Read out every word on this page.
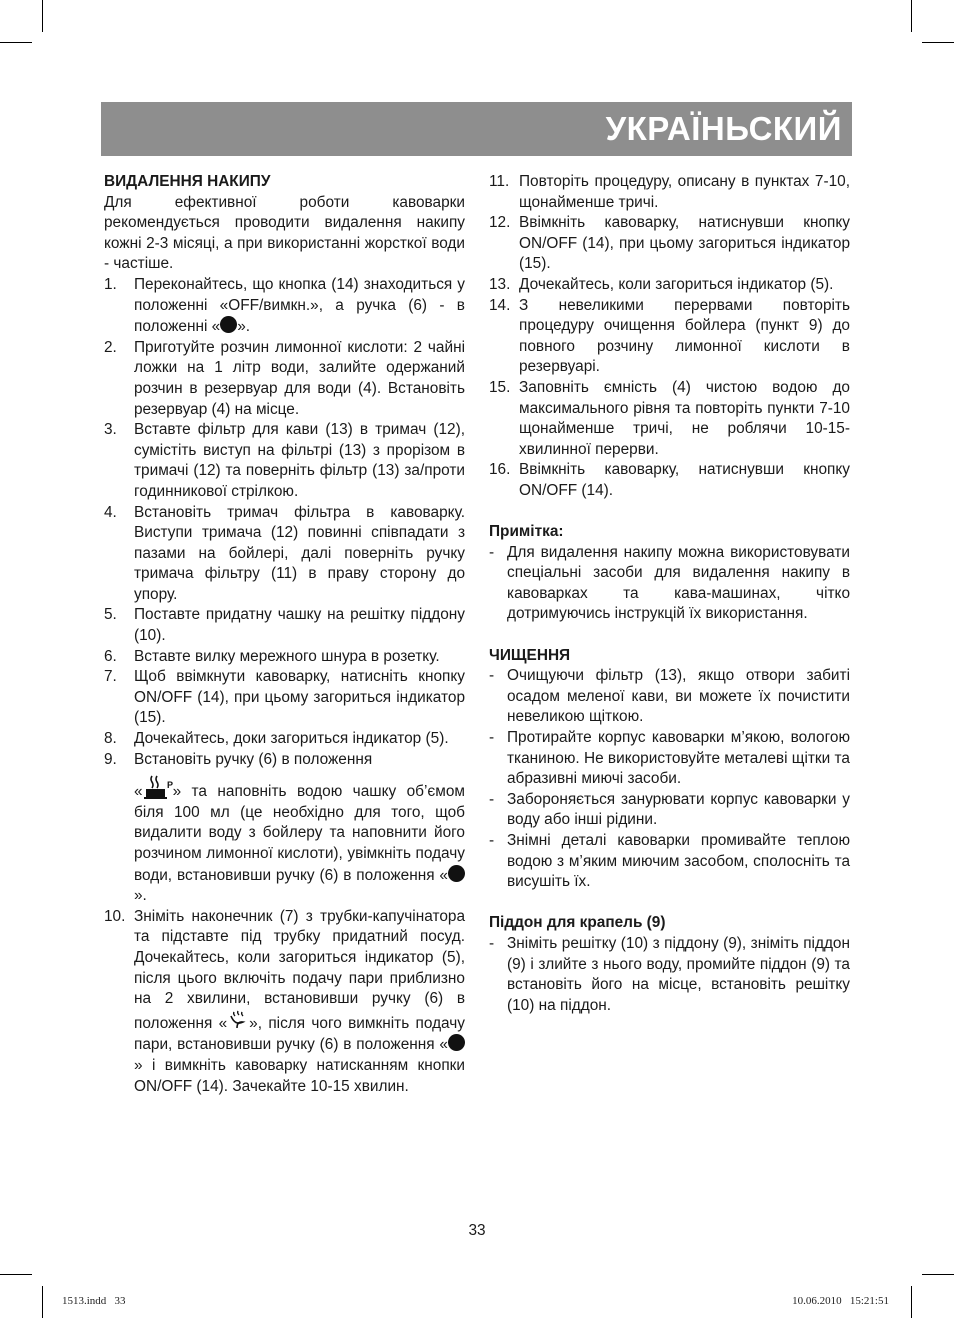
УКРАЇНЬСКИЙ

ВИДАЛЕННЯ НАКИПУ

Для ефективної роботи кавоварки рекомендується проводити видалення накипу кожні 2-3 місяці, а при використанні жорсткої води - частіше.

1. Переконайтесь, що кнопка (14) знаходиться у положенні «OFF/вимкн.», а ручка (6) - в положенні « ».
2. Приготуйте розчин лимонної кислоти: 2 чайні ложки на 1 літр води, залийте одержаний розчин в резервуар для води (4). Встановіть резервуар (4) на місце.
3. Вставте фільтр для кави (13) в тримач (12), сумістіть виступ на фільтрі (13) з прорізом в тримачі (12) та поверніть фільтр (13) за/проти годинникової стрілкою.
4. Встановіть тримач фільтра в кавоварку. Виступи тримача (12) повинні співпадати з пазами на бойлері, далі поверніть ручку тримача фільтру (11) в праву сторону до упору.
5. Поставте придатну чашку на решітку піддону (10).
6. Вставте вилку мережного шнура в розетку.
7. Щоб ввімкнути кавоварку, натисніть кнопку ON/OFF (14), при цьому загориться індикатор (15).
8. Дочекайтесь, доки загориться індикатор (5).
9. Встановіть ручку (6) в положення
«	P » та наповніть водою чашку об’ємом біля 100 мл (це необхідно для того, щоб видалити воду з бойлеру та наповнити його розчином лимонної кислоти), увімкніть подачу води, встановивши ручку (6) в положення «».
10. Зніміть наконечник (7) з трубки-капучінатора та підставте під трубку придатний посуд. Дочекайтесь, коли загориться індикатор (5), після цього включіть подачу пари приблизно на 2 хвилини, встановивши ручку (6) в положення « », після чого вимкніть подачу пари, встановивши ручку (6) в положення «» і вимкніть кавоварку натисканням кнопки ON/OFF (14). Зачекайте 10-15 хвилин.
11. Повторіть процедуру, описану в пунктах 7-10, щонайменше тричі.
12. Ввімкніть кавоварку, натиснувши кнопку ON/OFF (14), при цьому загориться індикатор (15).
13. Дочекайтесь, коли загориться індикатор (5).
14. З невеликими перервами повторіть процедуру очищення бойлера (пункт 9) до повного розчину лимонної кислоти в резервуарі.
15. Заповніть ємність (4) чистою водою до максимального рівня та повторіть пункти 7-10 щонайменше тричі, не роблячи 10-15-хвилинної перерви.
16. Ввімкніть кавоварку, натиснувши кнопку ON/OFF (14).

Примітка:

- Для видалення накипу можна використовувати спеціальні засоби для видалення накипу в кавоварках та кава-машинах, чітко дотримуючись інструкцій їх використання.

ЧИЩЕННЯ

- Очищуючи фільтр (13), якщо отвори забиті осадом меленої кави, ви можете їх почистити невеликою щіткою.
- Протирайте корпус кавоварки м’якою, вологою тканиною. Не використовуйте металеві щітки та абразивні миючі засоби.
- Забороняється занурювати корпус кавоварки у воду або інші рідини.
- Знімні деталі кавоварки промивайте теплою водою з м’яким миючим засобом, сполосніть та висушіть їх.

Піддон для крапель (9)

- Зніміть решітку (10) з піддону (9), зніміть піддон (9) і злийте з нього воду, промийте піддон (9) та встановіть його на місце, встановіть решітку (10) на піддон.
33
1513.indd   33	10.06.2010   15:21:51
